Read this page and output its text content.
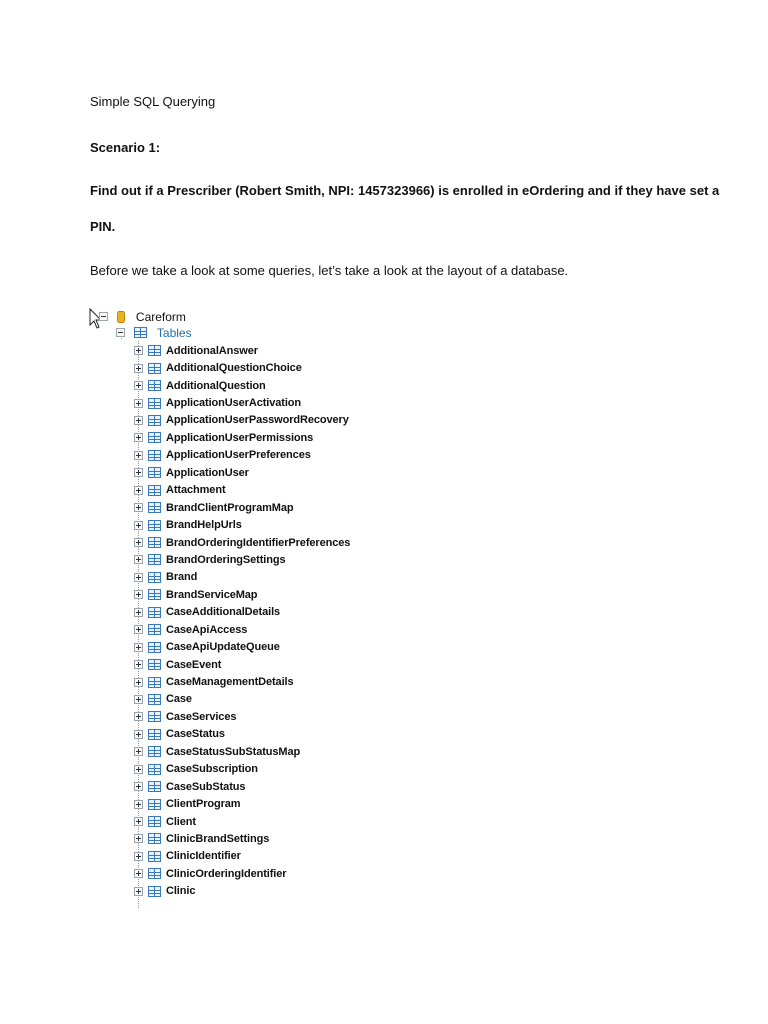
Simple SQL Querying

Scenario 1:

Find out if a Prescriber (Robert Smith, NPI: 1457323966) is enrolled in eOrdering and if they have set a

PIN.

Before we take a look at some queries, let’s take a look at the layout of a database.

Careform
Tables
AdditionalAnswer
AdditionalQuestionChoice
AdditionalQuestion
ApplicationUserActivation
ApplicationUserPasswordRecovery
ApplicationUserPermissions
ApplicationUserPreferences
ApplicationUser
Attachment
BrandClientProgramMap
BrandHelpUrls
BrandOrderingIdentifierPreferences
BrandOrderingSettings
Brand
BrandServiceMap
CaseAdditionalDetails
CaseApiAccess
CaseApiUpdateQueue
CaseEvent
CaseManagementDetails
Case
CaseServices
CaseStatus
CaseStatusSubStatusMap
CaseSubscription
CaseSubStatus
ClientProgram
Client
ClinicBrandSettings
ClinicIdentifier
ClinicOrderingIdentifier
Clinic
